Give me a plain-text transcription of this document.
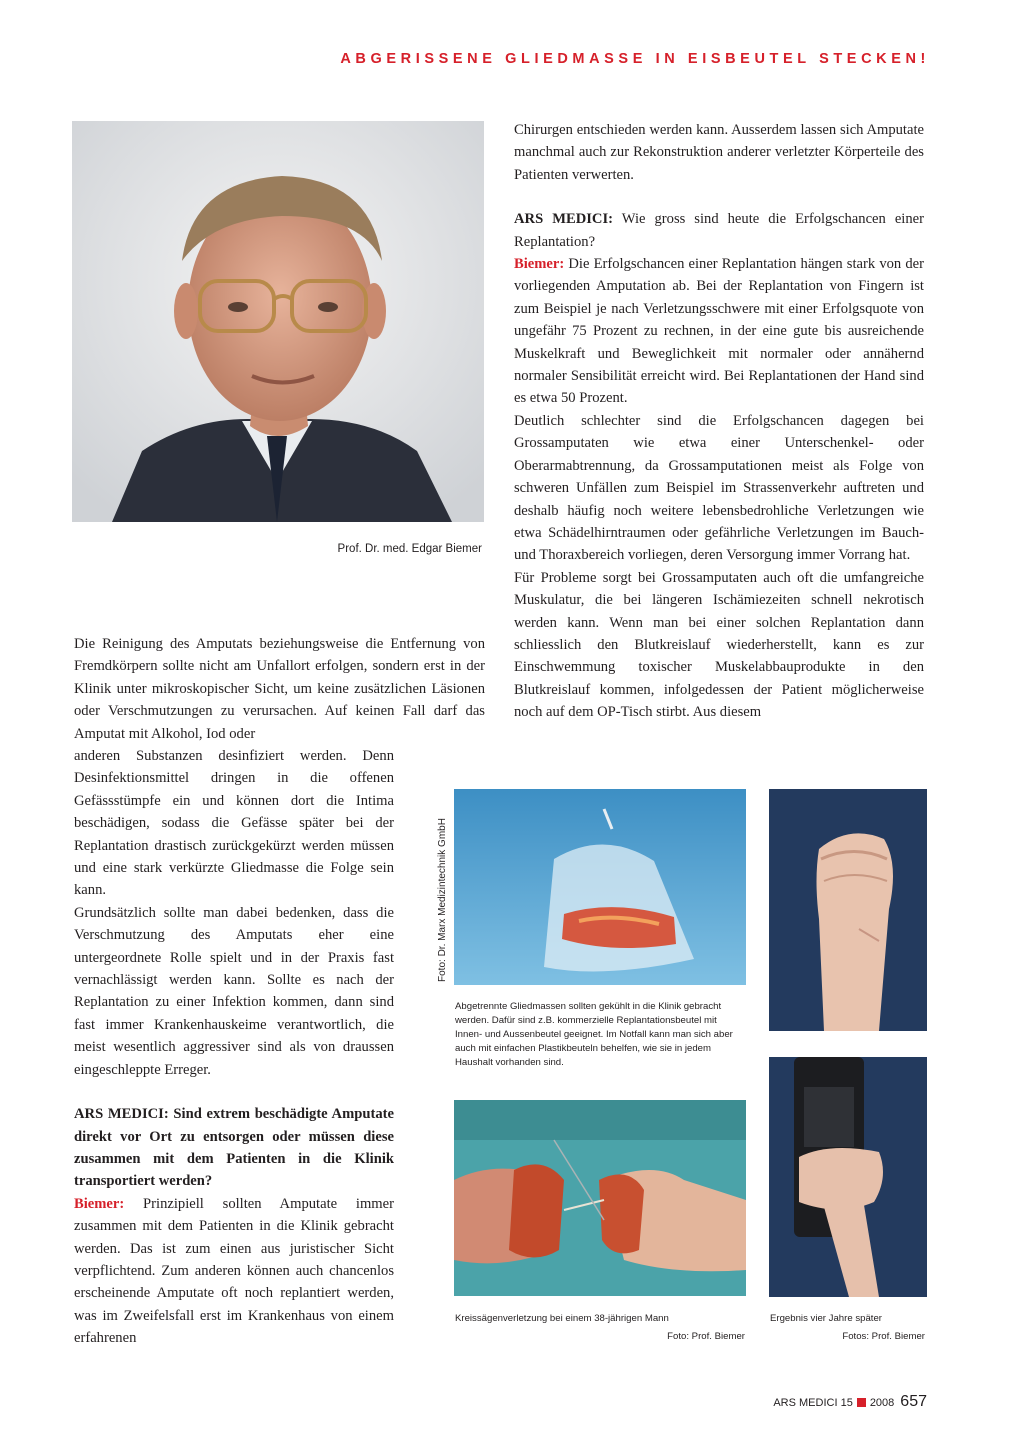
ABGERISSENE GLIEDMASSE IN EISBEUTEL STECKEN!
Prof. Dr. med. Edgar Biemer

Die Reinigung des Amputats beziehungsweise die Entfernung von Fremdkörpern sollte nicht am Unfallort erfolgen, sondern erst in der Klinik unter mikroskopischer Sicht, um keine zusätzlichen Läsionen oder Verschmutzungen zu verursachen. Auf keinen Fall darf das Amputat mit Alkohol, Iod oder

anderen Substanzen desinfiziert werden. Denn Desinfektionsmittel dringen in die offenen Gefässstümpfe ein und können dort die Intima beschädigen, sodass die Gefässe später bei der Replantation drastisch zurückgekürzt werden müssen und eine stark verkürzte Gliedmasse die Folge sein kann.

Grundsätzlich sollte man dabei bedenken, dass die Verschmutzung des Amputats eher eine untergeordnete Rolle spielt und in der Praxis fast vernachlässigt werden kann. Sollte es nach der Replantation zu einer Infektion kommen, dann sind fast immer Krankenhauskeime verantwortlich, die meist wesentlich aggressiver sind als von draussen eingeschleppte Erreger.

ARS MEDICI: Sind extrem beschädigte Amputate direkt vor Ort zu entsorgen oder müssen diese zusammen mit dem Patienten in die Klinik transportiert werden?

Biemer: Prinzipiell sollten Amputate immer zusammen mit dem Patienten in die Klinik gebracht werden. Das ist zum einen aus juristischer Sicht verpflichtend. Zum anderen können auch chancenlos erscheinende Amputate oft noch replantiert werden, was im Zweifelsfall erst im Krankenhaus von einem erfahrenen

Chirurgen entschieden werden kann. Ausserdem lassen sich Amputate manchmal auch zur Rekonstruktion anderer verletzter Körperteile des Patienten verwerten.

ARS MEDICI: Wie gross sind heute die Erfolgschancen einer Replantation?

Biemer: Die Erfolgschancen einer Replantation hängen stark von der vorliegenden Amputation ab. Bei der Replantation von Fingern ist zum Beispiel je nach Verletzungsschwere mit einer Erfolgsquote von ungefähr 75 Prozent zu rechnen, in der eine gute bis ausreichende Muskelkraft und Beweglichkeit mit normaler oder annähernd normaler Sensibilität erreicht wird. Bei Replantationen der Hand sind es etwa 50 Prozent.

Deutlich schlechter sind die Erfolgschancen dagegen bei Grossamputaten wie etwa einer Unterschenkel- oder Oberarmabtrennung, da Grossamputationen meist als Folge von schweren Unfällen zum Beispiel im Strassenverkehr auftreten und deshalb häufig noch weitere lebensbedrohliche Verletzungen wie etwa Schädelhirntraumen oder gefährliche Verletzungen im Bauch- und Thoraxbereich vorliegen, deren Versorgung immer Vorrang hat.

Für Probleme sorgt bei Grossamputaten auch oft die umfangreiche Muskulatur, die bei längeren Ischämiezeiten schnell nekrotisch werden kann. Wenn man bei einer solchen Replantation dann schliesslich den Blutkreislauf wiederherstellt, kann es zur Einschwemmung toxischer Muskelabbauprodukte in den Blutkreislauf kommen, infolgedessen der Patient möglicherweise noch auf dem OP-Tisch stirbt. Aus diesem

Foto: Dr. Marx Medizintechnik GmbH
Abgetrennte Gliedmassen sollten gekühlt in die Klinik gebracht werden. Dafür sind z.B. kommerzielle Replantationsbeutel mit Innen- und Aussenbeutel geeignet. Im Notfall kann man sich aber auch mit einfachen Plastikbeuteln behelfen, wie sie in jedem Haushalt vorhanden sind.
Kreissägenverletzung bei einem 38-jährigen Mann
Foto: Prof. Biemer
Ergebnis vier Jahre später
Fotos: Prof. Biemer
ARS MEDICI 15 2008 657
